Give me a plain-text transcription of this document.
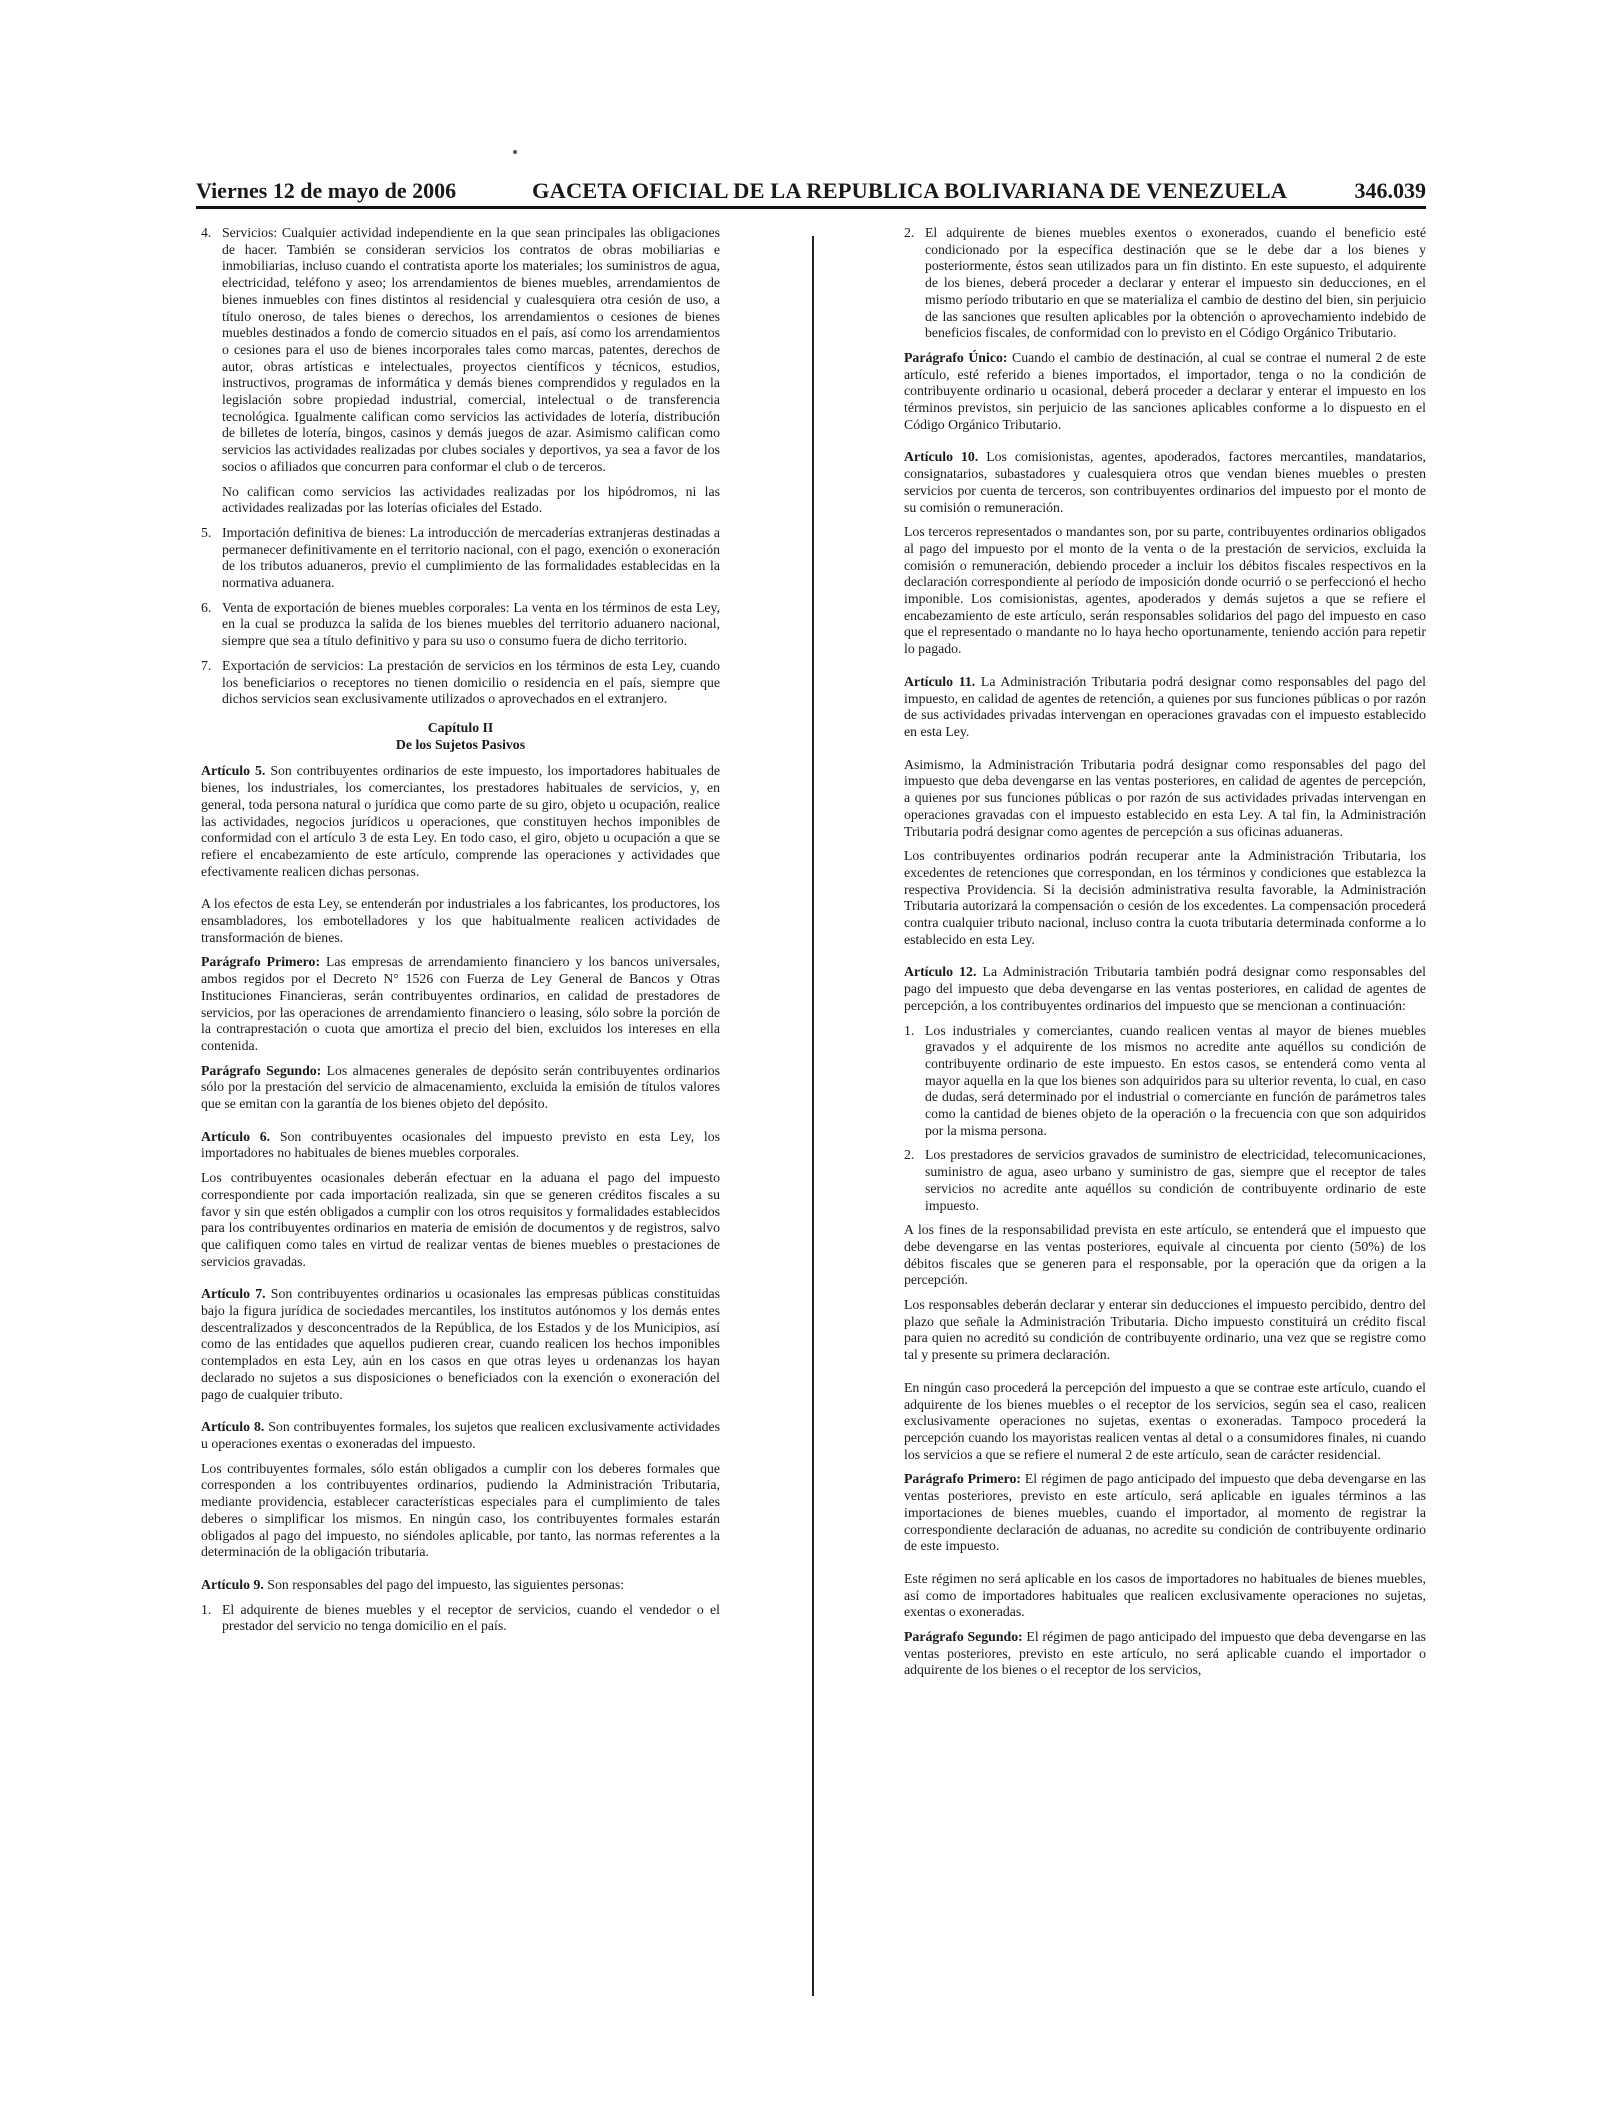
Viernes 12 de mayo de 2006	GACETA OFICIAL DE LA REPUBLICA BOLIVARIANA DE VENEZUELA	346.039
4. Servicios: Cualquier actividad independiente en la que sean principales las obligaciones de hacer. También se consideran servicios los contratos de obras mobiliarias e inmobiliarias, incluso cuando el contratista aporte los materiales; los suministros de agua, electricidad, teléfono y aseo; los arrendamientos de bienes muebles, arrendamientos de bienes inmuebles con fines distintos al residencial y cualesquiera otra cesión de uso, a título oneroso, de tales bienes o derechos, los arrendamientos o cesiones de bienes muebles destinados a fondo de comercio situados en el país, así como los arrendamientos o cesiones para el uso de bienes incorporales tales como marcas, patentes, derechos de autor, obras artísticas e intelectuales, proyectos científicos y técnicos, estudios, instructivos, programas de informática y demás bienes comprendidos y regulados en la legislación sobre propiedad industrial, comercial, intelectual o de transferencia tecnológica. Igualmente califican como servicios las actividades de lotería, distribución de billetes de lotería, bingos, casinos y demás juegos de azar. Asimismo califican como servicios las actividades realizadas por clubes sociales y deportivos, ya sea a favor de los socios o afiliados que concurren para conformar el club o de terceros.

No califican como servicios las actividades realizadas por los hipódromos, ni las actividades realizadas por las loterías oficiales del Estado.

5. Importación definitiva de bienes: La introducción de mercaderías extranjeras destinadas a permanecer definitivamente en el territorio nacional, con el pago, exención o exoneración de los tributos aduaneros, previo el cumplimiento de las formalidades establecidas en la normativa aduanera.
6. Venta de exportación de bienes muebles corporales: La venta en los términos de esta Ley, en la cual se produzca la salida de los bienes muebles del territorio aduanero nacional, siempre que sea a título definitivo y para su uso o consumo fuera de dicho territorio.
7. Exportación de servicios: La prestación de servicios en los términos de esta Ley, cuando los beneficiarios o receptores no tienen domicilio o residencia en el país, siempre que dichos servicios sean exclusivamente utilizados o aprovechados en el extranjero.
Capítulo II
De los Sujetos Pasivos

Artículo 5. Son contribuyentes ordinarios de este impuesto, los importadores habituales de bienes, los industriales, los comerciantes, los prestadores habituales de servicios, y, en general, toda persona natural o jurídica que como parte de su giro, objeto u ocupación, realice las actividades, negocios jurídicos u operaciones, que constituyen hechos imponibles de conformidad con el artículo 3 de esta Ley. En todo caso, el giro, objeto u ocupación a que se refiere el encabezamiento de este artículo, comprende las operaciones y actividades que efectivamente realicen dichas personas.

A los efectos de esta Ley, se entenderán por industriales a los fabricantes, los productores, los ensambladores, los embotelladores y los que habitualmente realicen actividades de transformación de bienes.

Parágrafo Primero: Las empresas de arrendamiento financiero y los bancos universales, ambos regidos por el Decreto N° 1526 con Fuerza de Ley General de Bancos y Otras Instituciones Financieras, serán contribuyentes ordinarios, en calidad de prestadores de servicios, por las operaciones de arrendamiento financiero o leasing, sólo sobre la porción de la contraprestación o cuota que amortiza el precio del bien, excluidos los intereses en ella contenida.

Parágrafo Segundo: Los almacenes generales de depósito serán contribuyentes ordinarios sólo por la prestación del servicio de almacenamiento, excluida la emisión de títulos valores que se emitan con la garantía de los bienes objeto del depósito.

Artículo 6. Son contribuyentes ocasionales del impuesto previsto en esta Ley, los importadores no habituales de bienes muebles corporales.

Los contribuyentes ocasionales deberán efectuar en la aduana el pago del impuesto correspondiente por cada importación realizada, sin que se generen créditos fiscales a su favor y sin que estén obligados a cumplir con los otros requisitos y formalidades establecidos para los contribuyentes ordinarios en materia de emisión de documentos y de registros, salvo que califiquen como tales en virtud de realizar ventas de bienes muebles o prestaciones de servicios gravadas.

Artículo 7. Son contribuyentes ordinarios u ocasionales las empresas públicas constituidas bajo la figura jurídica de sociedades mercantiles, los institutos autónomos y los demás entes descentralizados y desconcentrados de la República, de los Estados y de los Municipios, así como de las entidades que aquellos pudieren crear, cuando realicen los hechos imponibles contemplados en esta Ley, aún en los casos en que otras leyes u ordenanzas los hayan declarado no sujetos a sus disposiciones o beneficiados con la exención o exoneración del pago de cualquier tributo.

Artículo 8. Son contribuyentes formales, los sujetos que realicen exclusivamente actividades u operaciones exentas o exoneradas del impuesto.

Los contribuyentes formales, sólo están obligados a cumplir con los deberes formales que corresponden a los contribuyentes ordinarios, pudiendo la Administración Tributaria, mediante providencia, establecer características especiales para el cumplimiento de tales deberes o simplificar los mismos. En ningún caso, los contribuyentes formales estarán obligados al pago del impuesto, no siéndoles aplicable, por tanto, las normas referentes a la determinación de la obligación tributaria.

Artículo 9. Son responsables del pago del impuesto, las siguientes personas:

1. El adquirente de bienes muebles y el receptor de servicios, cuando el vendedor o el prestador del servicio no tenga domicilio en el país.
2. El adquirente de bienes muebles exentos o exonerados, cuando el beneficio esté condicionado por la específica destinación que se le debe dar a los bienes y posteriormente, éstos sean utilizados para un fin distinto. En este supuesto, el adquirente de los bienes, deberá proceder a declarar y enterar el impuesto sin deducciones, en el mismo período tributario en que se materializa el cambio de destino del bien, sin perjuicio de las sanciones que resulten aplicables por la obtención o aprovechamiento indebido de beneficios fiscales, de conformidad con lo previsto en el Código Orgánico Tributario.

Parágrafo Único: Cuando el cambio de destinación, al cual se contrae el numeral 2 de este artículo, esté referido a bienes importados, el importador, tenga o no la condición de contribuyente ordinario u ocasional, deberá proceder a declarar y enterar el impuesto en los términos previstos, sin perjuicio de las sanciones aplicables conforme a lo dispuesto en el Código Orgánico Tributario.

Artículo 10. Los comisionistas, agentes, apoderados, factores mercantiles, mandatarios, consignatarios, subastadores y cualesquiera otros que vendan bienes muebles o presten servicios por cuenta de terceros, son contribuyentes ordinarios del impuesto por el monto de su comisión o remuneración.

Los terceros representados o mandantes son, por su parte, contribuyentes ordinarios obligados al pago del impuesto por el monto de la venta o de la prestación de servicios, excluida la comisión o remuneración, debiendo proceder a incluir los débitos fiscales respectivos en la declaración correspondiente al período de imposición donde ocurrió o se perfeccionó el hecho imponible. Los comisionistas, agentes, apoderados y demás sujetos a que se refiere el encabezamiento de este artículo, serán responsables solidarios del pago del impuesto en caso que el representado o mandante no lo haya hecho oportunamente, teniendo acción para repetir lo pagado.

Artículo 11. La Administración Tributaria podrá designar como responsables del pago del impuesto, en calidad de agentes de retención, a quienes por sus funciones públicas o por razón de sus actividades privadas intervengan en operaciones gravadas con el impuesto establecido en esta Ley.

Asimismo, la Administración Tributaria podrá designar como responsables del pago del impuesto que deba devengarse en las ventas posteriores, en calidad de agentes de percepción, a quienes por sus funciones públicas o por razón de sus actividades privadas intervengan en operaciones gravadas con el impuesto establecido en esta Ley. A tal fin, la Administración Tributaria podrá designar como agentes de percepción a sus oficinas aduaneras.

Los contribuyentes ordinarios podrán recuperar ante la Administración Tributaria, los excedentes de retenciones que correspondan, en los términos y condiciones que establezca la respectiva Providencia. Si la decisión administrativa resulta favorable, la Administración Tributaria autorizará la compensación o cesión de los excedentes. La compensación procederá contra cualquier tributo nacional, incluso contra la cuota tributaria determinada conforme a lo establecido en esta Ley.

Artículo 12. La Administración Tributaria también podrá designar como responsables del pago del impuesto que deba devengarse en las ventas posteriores, en calidad de agentes de percepción, a los contribuyentes ordinarios del impuesto que se mencionan a continuación:

1. Los industriales y comerciantes, cuando realicen ventas al mayor de bienes muebles gravados y el adquirente de los mismos no acredite ante aquéllos su condición de contribuyente ordinario de este impuesto. En estos casos, se entenderá como venta al mayor aquella en la que los bienes son adquiridos para su ulterior reventa, lo cual, en caso de dudas, será determinado por el industrial o comerciante en función de parámetros tales como la cantidad de bienes objeto de la operación o la frecuencia con que son adquiridos por la misma persona.
2. Los prestadores de servicios gravados de suministro de electricidad, telecomunicaciones, suministro de agua, aseo urbano y suministro de gas, siempre que el receptor de tales servicios no acredite ante aquéllos su condición de contribuyente ordinario de este impuesto.

A los fines de la responsabilidad prevista en este artículo, se entenderá que el impuesto que debe devengarse en las ventas posteriores, equivale al cincuenta por ciento (50%) de los débitos fiscales que se generen para el responsable, por la operación que da origen a la percepción.

Los responsables deberán declarar y enterar sin deducciones el impuesto percibido, dentro del plazo que señale la Administración Tributaria. Dicho impuesto constituirá un crédito fiscal para quien no acreditó su condición de contribuyente ordinario, una vez que se registre como tal y presente su primera declaración.

En ningún caso procederá la percepción del impuesto a que se contrae este artículo, cuando el adquirente de los bienes muebles o el receptor de los servicios, según sea el caso, realicen exclusivamente operaciones no sujetas, exentas o exoneradas. Tampoco procederá la percepción cuando los mayoristas realicen ventas al detal o a consumidores finales, ni cuando los servicios a que se refiere el numeral 2 de este artículo, sean de carácter residencial.

Parágrafo Primero: El régimen de pago anticipado del impuesto que deba devengarse en las ventas posteriores, previsto en este artículo, será aplicable en iguales términos a las importaciones de bienes muebles, cuando el importador, al momento de registrar la correspondiente declaración de aduanas, no acredite su condición de contribuyente ordinario de este impuesto.

Este régimen no será aplicable en los casos de importadores no habituales de bienes muebles, así como de importadores habituales que realicen exclusivamente operaciones no sujetas, exentas o exoneradas.

Parágrafo Segundo: El régimen de pago anticipado del impuesto que deba devengarse en las ventas posteriores, previsto en este artículo, no será aplicable cuando el importador o adquirente de los bienes o el receptor de los servicios,
